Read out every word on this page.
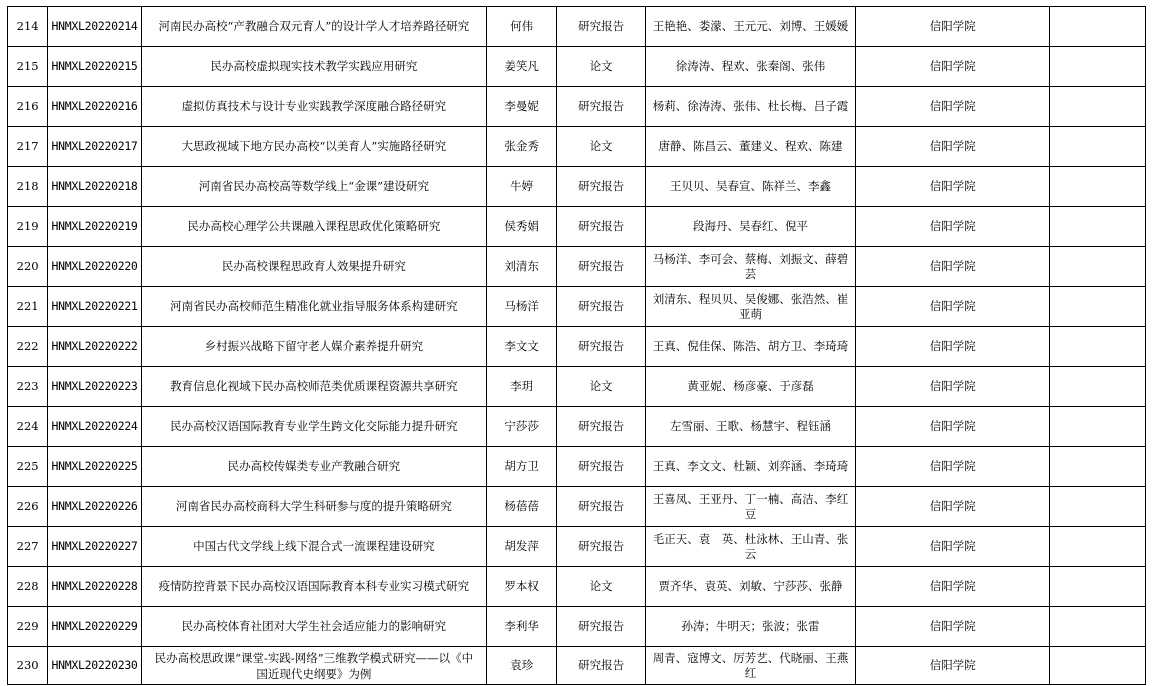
214	HNMXL20220214	河南民办高校“产教融合双元育人”的设计学人才培养路径研究	何伟	研究报告	王艳艳、娄濛、王元元、刘博、王媛媛	信阳学院	
215	HNMXL20220215	民办高校虚拟现实技术教学实践应用研究	姜笑凡	论文	徐涛涛、程欢、张秦阁、张伟	信阳学院	
216	HNMXL20220216	虚拟仿真技术与设计专业实践教学深度融合路径研究	李曼妮	研究报告	杨莉、徐涛涛、张伟、杜长梅、吕子霞	信阳学院	
217	HNMXL20220217	大思政视域下地方民办高校“以美育人”实施路径研究	张金秀	论文	唐静、陈昌云、董建义、程欢、陈建	信阳学院	
218	HNMXL20220218	河南省民办高校高等数学线上“金课”建设研究	牛婷	研究报告	王贝贝、吴春宣、陈祥兰、李鑫	信阳学院	
219	HNMXL20220219	民办高校心理学公共课融入课程思政优化策略研究	侯秀娟	研究报告	段海丹、吴春红、倪平	信阳学院	
220	HNMXL20220220	民办高校课程思政育人效果提升研究	刘清东	研究报告	马杨洋、李可会、蔡梅、刘振文、薛碧芸	信阳学院	
221	HNMXL20220221	河南省民办高校师范生精准化就业指导服务体系构建研究	马杨洋	研究报告	刘清东、程贝贝、吴俊娜、张浩然、崔亚萌	信阳学院	
222	HNMXL20220222	乡村振兴战略下留守老人媒介素养提升研究	李文文	研究报告	王真、倪佳保、陈浩、胡方卫、李琦琦	信阳学院	
223	HNMXL20220223	教育信息化视域下民办高校师范类优质课程资源共享研究	李玥	论文	黄亚妮、杨彦豪、于彦磊	信阳学院	
224	HNMXL20220224	民办高校汉语国际教育专业学生跨文化交际能力提升研究	宁莎莎	研究报告	左雪丽、王歌、杨慧宇、程钰涵	信阳学院	
225	HNMXL20220225	民办高校传媒类专业产教融合研究	胡方卫	研究报告	王真、李文文、杜颖、刘弈涵、李琦琦	信阳学院	
226	HNMXL20220226	河南省民办高校商科大学生科研参与度的提升策略研究	杨蓓蓓	研究报告	王喜凤、王亚丹、丁一楠、高洁、李红豆	信阳学院	
227	HNMXL20220227	中国古代文学线上线下混合式一流课程建设研究	胡发萍	研究报告	毛正天、袁　英、杜泳林、王山青、张云	信阳学院	
228	HNMXL20220228	疫情防控背景下民办高校汉语国际教育本科专业实习模式研究	罗本权	论文	贾齐华、袁英、刘敏、宁莎莎、张静	信阳学院	
229	HNMXL20220229	民办高校体育社团对大学生社会适应能力的影响研究	李利华	研究报告	孙涛；牛明天；张波；张雷	信阳学院	
230	HNMXL20220230	民办高校思政课“课堂-实践-网络”三维教学模式研究——以《中国近现代史纲要》为例	袁珍	研究报告	周青、寇博文、厉芳艺、代晓丽、王燕红	信阳学院	
